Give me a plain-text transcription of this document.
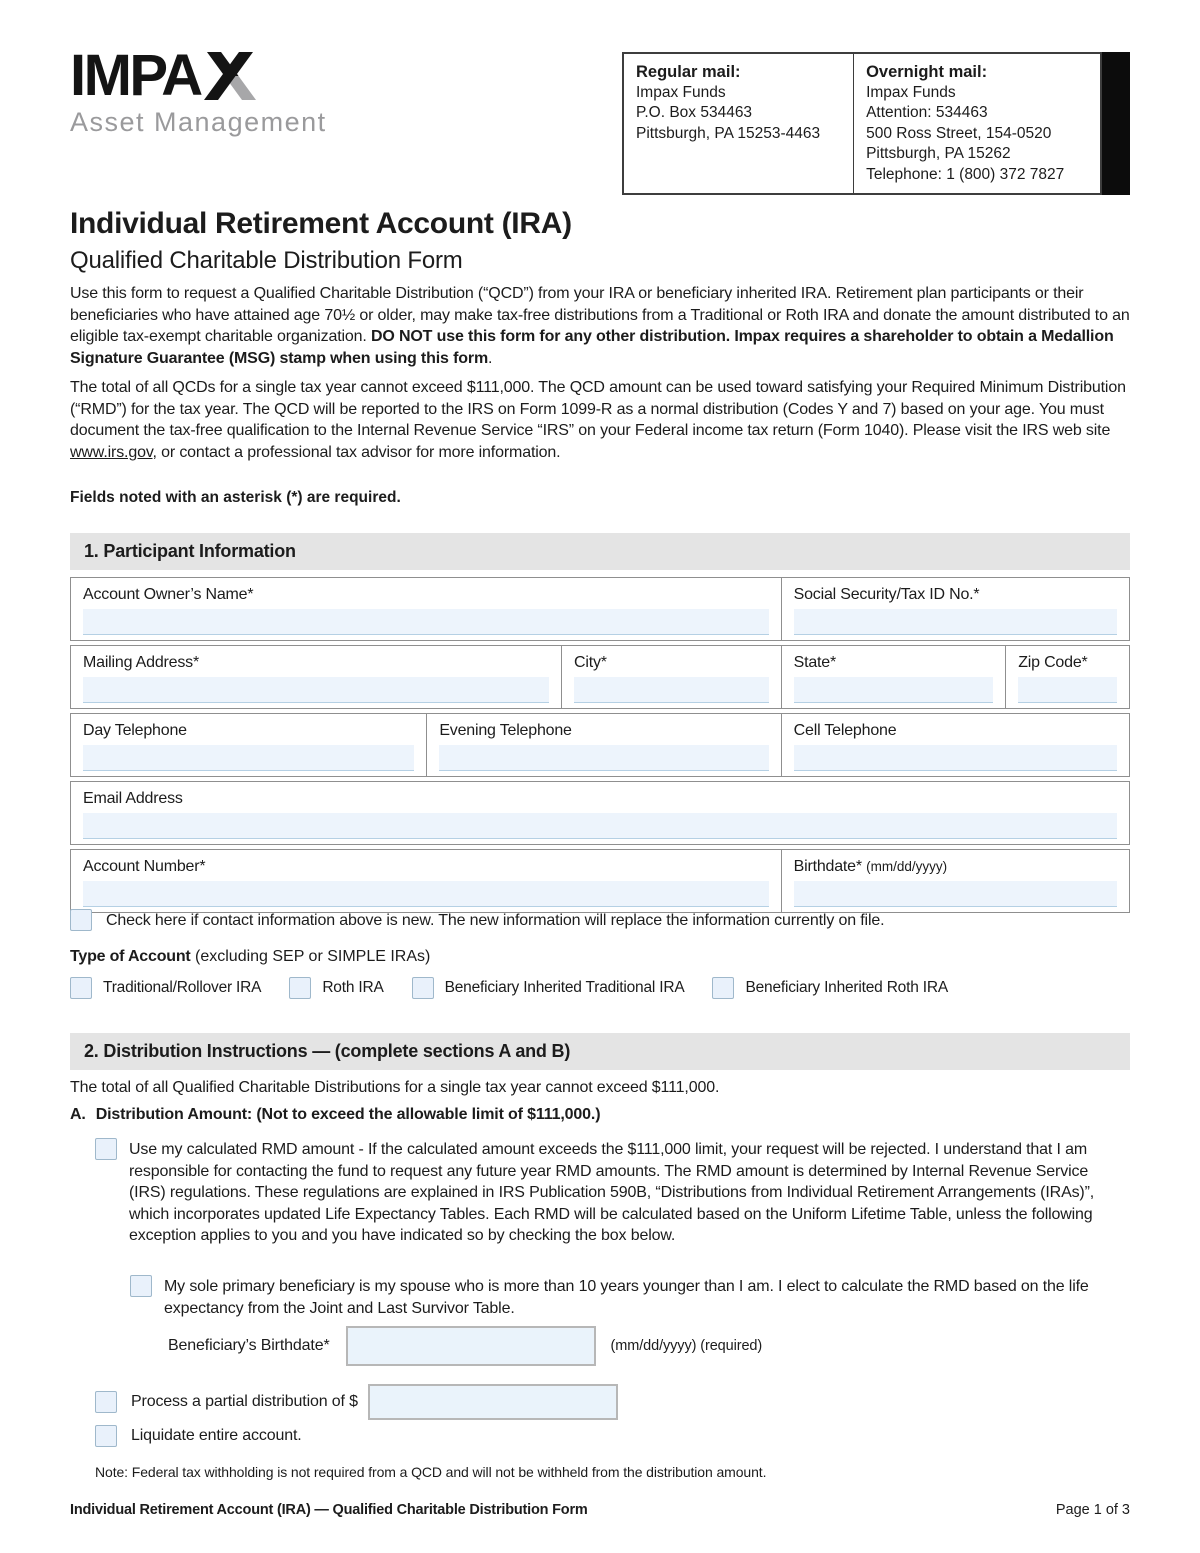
IMPA
Asset Management
Regular mail:
Impax Funds
P.O. Box 534463
Pittsburgh, PA 15253-4463
Overnight mail:
Impax Funds
Attention: 534463
500 Ross Street, 154-0520
Pittsburgh, PA 15262
Telephone: 1 (800) 372 7827
Individual Retirement Account (IRA)
Qualified Charitable Distribution Form

Use this form to request a Qualified Charitable Distribution (“QCD”) from your IRA or beneficiary inherited IRA. Retirement plan participants or their beneficiaries who have attained age 70½ or older, may make tax-free distributions from a Traditional or Roth IRA and donate the amount distributed to an eligible tax-exempt charitable organization. DO NOT use this form for any other distribution. Impax requires a shareholder to obtain a Medallion Signature Guarantee (MSG) stamp when using this form.

The total of all QCDs for a single tax year cannot exceed $111,000. The QCD amount can be used toward satisfying your Required Minimum Distribution (“RMD”) for the tax year. The QCD will be reported to the IRS on Form 1099-R as a normal distribution (Codes Y and 7) based on your age. You must document the tax-free qualification to the Internal Revenue Service “IRS” on your Federal income tax return (Form 1040). Please visit the IRS web site www.irs.gov, or contact a professional tax advisor for more information.

Fields noted with an asterisk (*) are required.
1. Participant Information
Account Owner’s Name*	Social Security/Tax ID No.*
Mailing Address*	City*	State*	Zip Code*
Day Telephone	Evening Telephone	Cell Telephone
Email Address
Account Number*	Birthdate* (mm/dd/yyyy)
Check here if contact information above is new. The new information will replace the information currently on file.
Type of Account (excluding SEP or SIMPLE IRAs)
Traditional/Rollover IRA	Roth IRA	Beneficiary Inherited Traditional IRA	Beneficiary Inherited Roth IRA
2. Distribution Instructions — (complete sections A and B)
The total of all Qualified Charitable Distributions for a single tax year cannot exceed $111,000.
A. Distribution Amount: (Not to exceed the allowable limit of $111,000.)
Use my calculated RMD amount - If the calculated amount exceeds the $111,000 limit, your request will be rejected. I understand that I am responsible for contacting the fund to request any future year RMD amounts. The RMD amount is determined by Internal Revenue Service (IRS) regulations. These regulations are explained in IRS Publication 590B, “Distributions from Individual Retirement Arrangements (IRAs)”, which incorporates updated Life Expectancy Tables. Each RMD will be calculated based on the Uniform Lifetime Table, unless the following exception applies to you and you have indicated so by checking the box below.
My sole primary beneficiary is my spouse who is more than 10 years younger than I am. I elect to calculate the RMD based on the life expectancy from the Joint and Last Survivor Table.
Beneficiary’s Birthdate*	(mm/dd/yyyy) (required)
Process a partial distribution of $
Liquidate entire account.
Note: Federal tax withholding is not required from a QCD and will not be withheld from the distribution amount.
Individual Retirement Account (IRA) — Qualified Charitable Distribution Form	Page 1 of 3
